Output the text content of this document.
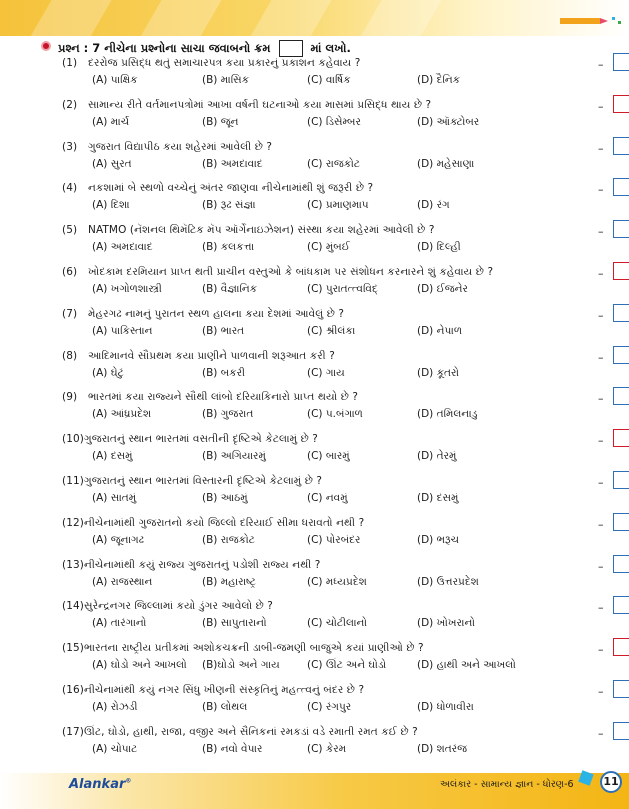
પ્રશ્ન : 7 નીચેના પ્રશ્નોના સાચા જવાબનો ક્રમ	માં લખો.
(1) દરરોજ પ્રસિદ્ધ થતું સમાચારપત્ર કયા પ્રકારનું પ્રકાશન કહેવાય ?	–
(A) પાક્ષિક	(B) માસિક	(C) વાર્ષિક	(D) દૈનિક
(2) સામાન્ય રીતે વર્તમાનપત્રોમાં આખા વર્ષની ઘટનાઓ કયા માસમાં પ્રસિદ્ધ થાય છે ?	–
(A) માર્ચ	(B) જૂન	(C) ડિસેમ્બર	(D) ઑક્ટોબર
(3) ગુજરાત વિદ્યાપીઠ કયા શહેરમાં આવેલી છે ?	–
(A) સુરત	(B) અમદાવાદ	(C) રાજકોટ	(D) મહેસાણા
(4) નકશામાં બે સ્થળો વચ્ચેનું અંતર જાણવા નીચેનામાંથી શું જરૂરી છે ?	–
(A) દિશા	(B) રૂઢ સંજ્ઞા	(C) પ્રમાણમાપ	(D) રંગ
(5) NATMO (નૅશનલ થિમૅટિક મૅપ ઑર્ગેનાઇઝેશન) સંસ્થા કયા શહેરમાં આવેલી છે ?	–
(A) અમદાવાદ	(B) કલકત્તા	(C) મુંબઈ	(D) દિલ્હી
(6) ખોદકામ દરમિયાન પ્રાપ્ત થતી પ્રાચીન વસ્તુઓ કે બાંધકામ પર સંશોધન કરનારને શું કહેવાય છે ?	–
(A) ખગોળશાસ્ત્રી	(B) વૈજ્ઞાનિક	(C) પુરાતત્ત્વવિદ્	(D) ઈજનેર
(7) મેહરગઢ નામનું પુરાતન સ્થળ હાલના કયા દેશમાં આવેલું છે ?	–
(A) પાકિસ્તાન	(B) ભારત	(C) શ્રીલંકા	(D) નેપાળ
(8) આદિમાનવે સૌપ્રથમ કયા પ્રાણીને પાળવાની શરૂઆત કરી ?	–
(A) ઘેટું	(B) બકરી	(C) ગાય	(D) કૂતરો
(9) ભારતમાં કયા રાજ્યને સૌથી લાંબો દરિયાકિનારો પ્રાપ્ત થયો છે ?	–
(A) આંધ્રપ્રદેશ	(B) ગુજરાત	(C) પ.બંગાળ	(D) તમિલનાડુ
(10)ગુજરાતનું સ્થાન ભારતમાં વસતીની દૃષ્ટિએ કેટલામું છે ?	–
(A) દસમું	(B) અગિયારમું	(C) બારમું	(D) તેરમું
(11)ગુજરાતનું સ્થાન ભારતમાં વિસ્તારની દૃષ્ટિએ કેટલામું છે ?	–
(A) સાતમું	(B) આઠમું	(C) નવમું	(D) દસમું
(12)નીચેનામાંથી ગુજરાતનો કયો જિલ્લો દરિયાઈ સીમા ધરાવતો નથી ?	–
(A) જૂનાગઢ	(B) રાજકોટ	(C) પોરબંદર	(D) ભરૂચ
(13)નીચેનામાંથી કયું રાજ્ય ગુજરાતનું પડોશી રાજ્ય નથી ?	–
(A) રાજસ્થાન	(B) મહારાષ્ટ્ર	(C) મધ્યપ્રદેશ	(D) ઉત્તરપ્રદેશ
(14)સુરેન્દ્રનગર જિલ્લામાં કયો ડુંગર આવેલો છે ?	–
(A) તારંગાનો	(B) સાપુતારાનો	(C) ચોટીલાનો	(D) ખોખરાનો
(15)ભારતના રાષ્ટ્રીય પ્રતીકમાં અશોકચક્રની ડાબી-જમણી બાજુએ કયાં પ્રાણીઓ છે ?	–
(A) ઘોડો અને આખલો (B)ઘોડો અને ગાય	(C) ઊંટ અને ઘોડો	(D) હાથી અને આખલો
(16)નીચેનામાંથી કયું નગર સિંધુ ખીણની સંસ્કૃતિનું મહત્ત્વનું બંદર છે ?	–
(A) રોઝડી	(B) લોથલ	(C) રંગપુર	(D) ધોળાવીરા
(17)ઊંટ, ઘોડો, હાથી, રાજા, વજીર અને સૈનિકનાં રમકડાં વડે રમાતી રમત કઈ છે ?	–
(A) ચોપાટ	(B) નવો વેપાર	(C) કેરમ	(D) શતરંજ
Alankar®	અલંકાર - સામાન્ય જ્ઞાન - ધોરણ-6	11
